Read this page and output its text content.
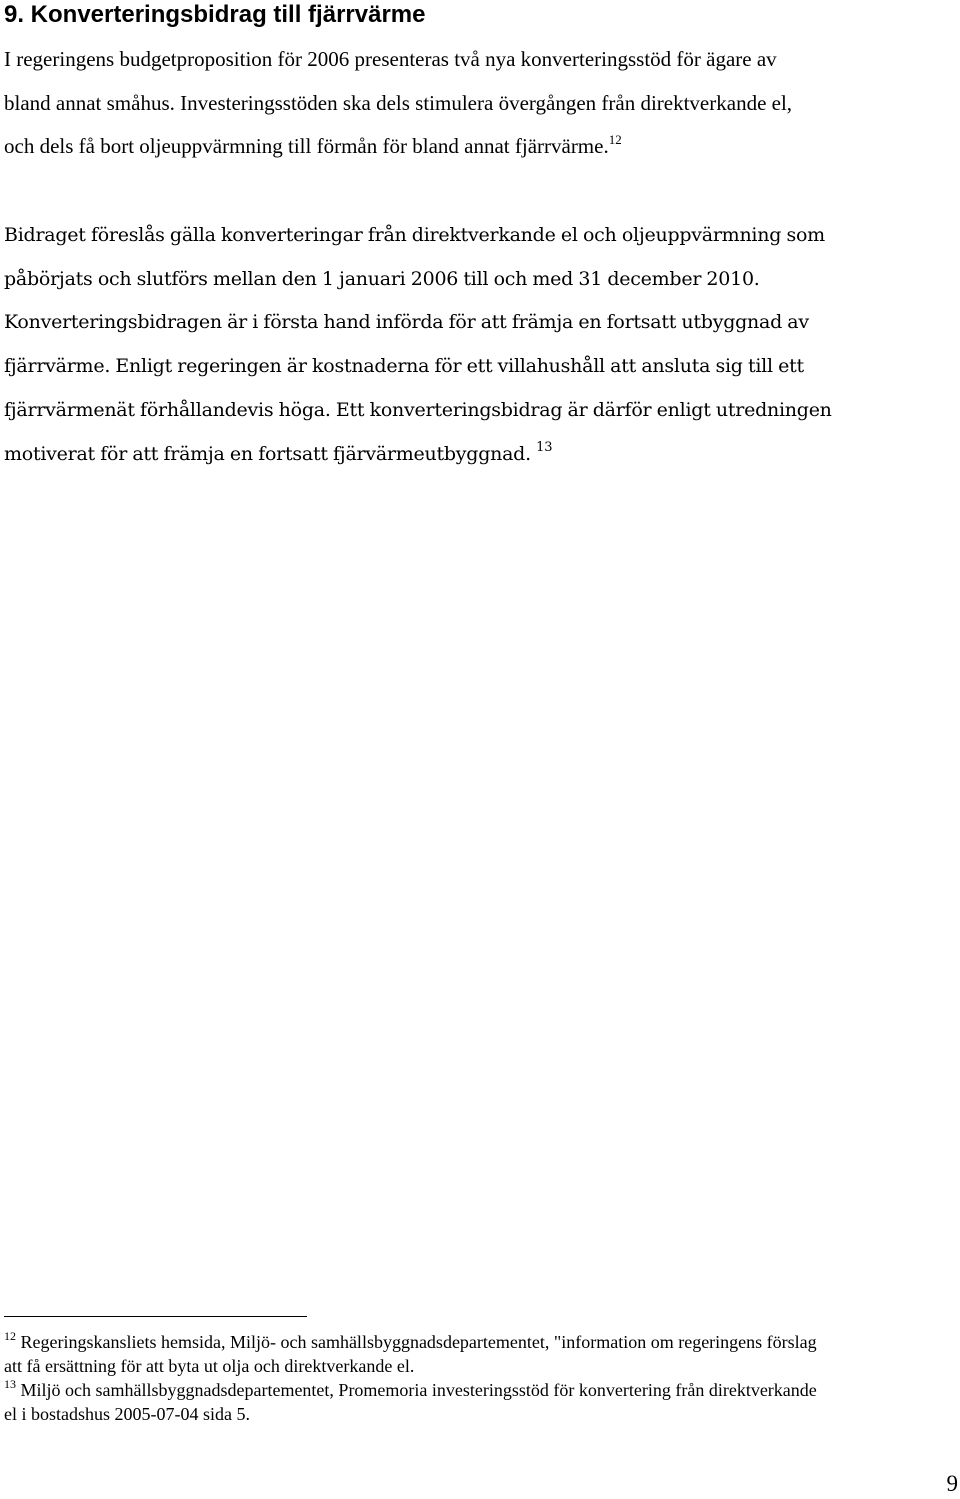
9. Konverteringsbidrag till fjärrvärme
I regeringens budgetproposition för 2006 presenteras två nya konverteringsstöd för ägare av
bland annat småhus. Investeringsstöden ska dels stimulera övergången från direktverkande el,
och dels få bort oljeuppvärmning till förmån för bland annat fjärrvärme.$^{12}$
Bidraget föreslås gälla konverteringar från direktverkande el och oljeuppvärmning som
påbörjats och slutförs mellan den 1 januari 2006 till och med 31 december 2010.
Konverteringsbidragen är i första hand införda för att främja en fortsatt utbyggnad av
fjärrvärme. Enligt regeringen är kostnaderna för ett villahushåll att ansluta sig till ett
fjärrvärmenät förhållandevis höga. Ett konverteringsbidrag är därför enligt utredningen
motiverat för att främja en fortsatt fjärvärmeutbyggnad. $^{13}$
$^{12}$ Regeringskansliets hemsida, Miljö- och samhällsbyggnadsdepartementet, "information om regeringens förslag
att få ersättning för att byta ut olja och direktverkande el.
$^{13}$ Miljö och samhällsbyggnadsdepartementet, Promemoria investeringsstöd för konvertering från direktverkande
el i bostadshus 2005-07-04 sida 5.
9
